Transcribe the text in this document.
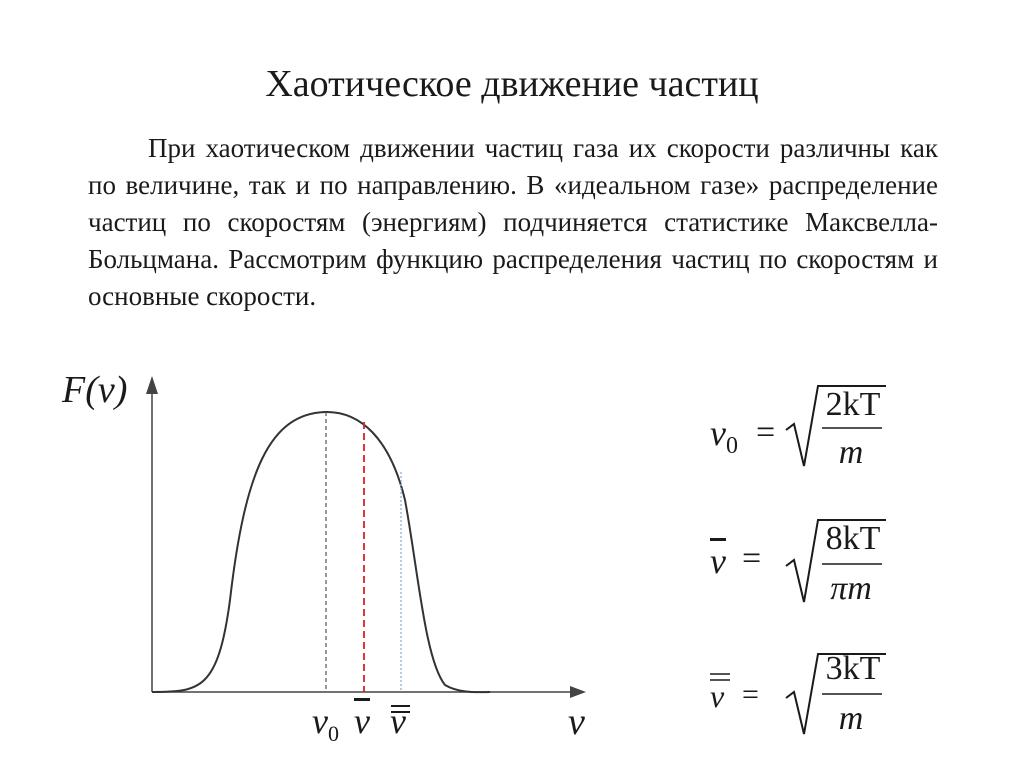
Хаотическое движение частиц
При хаотическом движении частиц газа их скорости различны как по величине, так и по направлению. В «идеальном газе» распределение частиц по скоростям (энергиям) подчиняется статистике Максвелла-Больцмана. Рассмотрим функцию распределения частиц по скоростям и основные скорости.
F(v)
v
$v_0$ $\overline{v}$ v
$v_0$ =
2kT
m
$\overline{v}$ =
8kT
πm
v =
3kT
m
